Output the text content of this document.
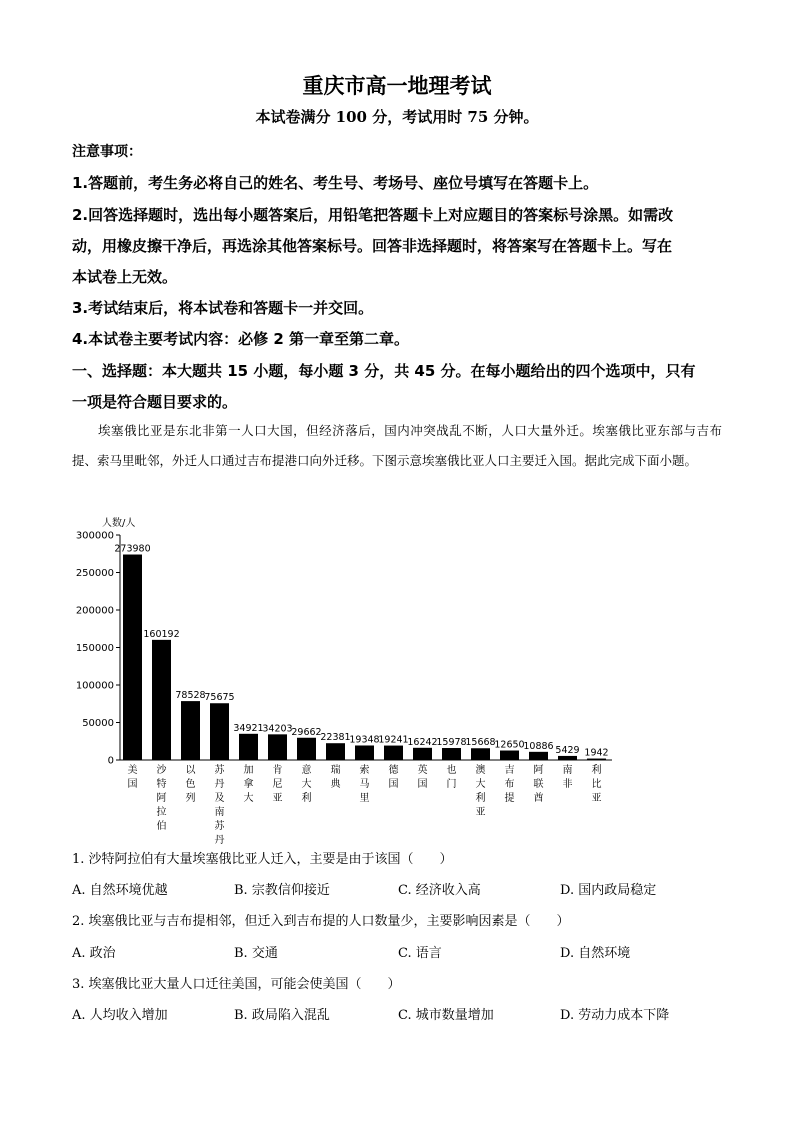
重庆市高一地理考试
本试卷满分 100 分，考试用时 75 分钟。
注意事项：
1.答题前，考生务必将自己的姓名、考生号、考场号、座位号填写在答题卡上。
2.回答选择题时，选出每小题答案后，用铅笔把答题卡上对应题目的答案标号涂黑。如需改
动，用橡皮擦干净后，再选涂其他答案标号。回答非选择题时，将答案写在答题卡上。写在
本试卷上无效。
3.考试结束后，将本试卷和答题卡一并交回。
4.本试卷主要考试内容：必修 2 第一章至第二章。
一、选择题：本大题共 15 小题，每小题 3 分，共 45 分。在每小题给出的四个选项中，只有
一项是符合题目要求的。
埃塞俄比亚是东北非第一人口大国，但经济落后，国内冲突战乱不断，人口大量外迁。埃塞俄比亚东部与吉布提、索马里毗邻，外迁人口通过吉布提港口向外迁移。下图示意埃塞俄比亚人口主要迁入国。据此完成下面小题。
人数/人
0
50000
100000
150000
200000
250000
300000
273980
美国
160192
沙特阿拉伯
78528
以色列
75675
苏丹及南苏丹
34921
加拿大
34203
肯尼亚
29662
意大利
22381
瑞典
19348
索马里
19241
德国
16242
英国
15978
也门
15668
澳大利亚
12650
吉布提
10886
阿联酋
5429
南非
1942
利比亚
1. 沙特阿拉伯有大量埃塞俄比亚人迁入，主要是由于该国（　　）
A. 自然环境优越	B. 宗教信仰接近	C. 经济收入高	D. 国内政局稳定
2. 埃塞俄比亚与吉布提相邻，但迁入到吉布提的人口数量少，主要影响因素是（　　）
A. 政治	B. 交通	C. 语言	D. 自然环境
3. 埃塞俄比亚大量人口迁往美国，可能会使美国（　　）
A. 人均收入增加	B. 政局陷入混乱	C. 城市数量增加	D. 劳动力成本下降
